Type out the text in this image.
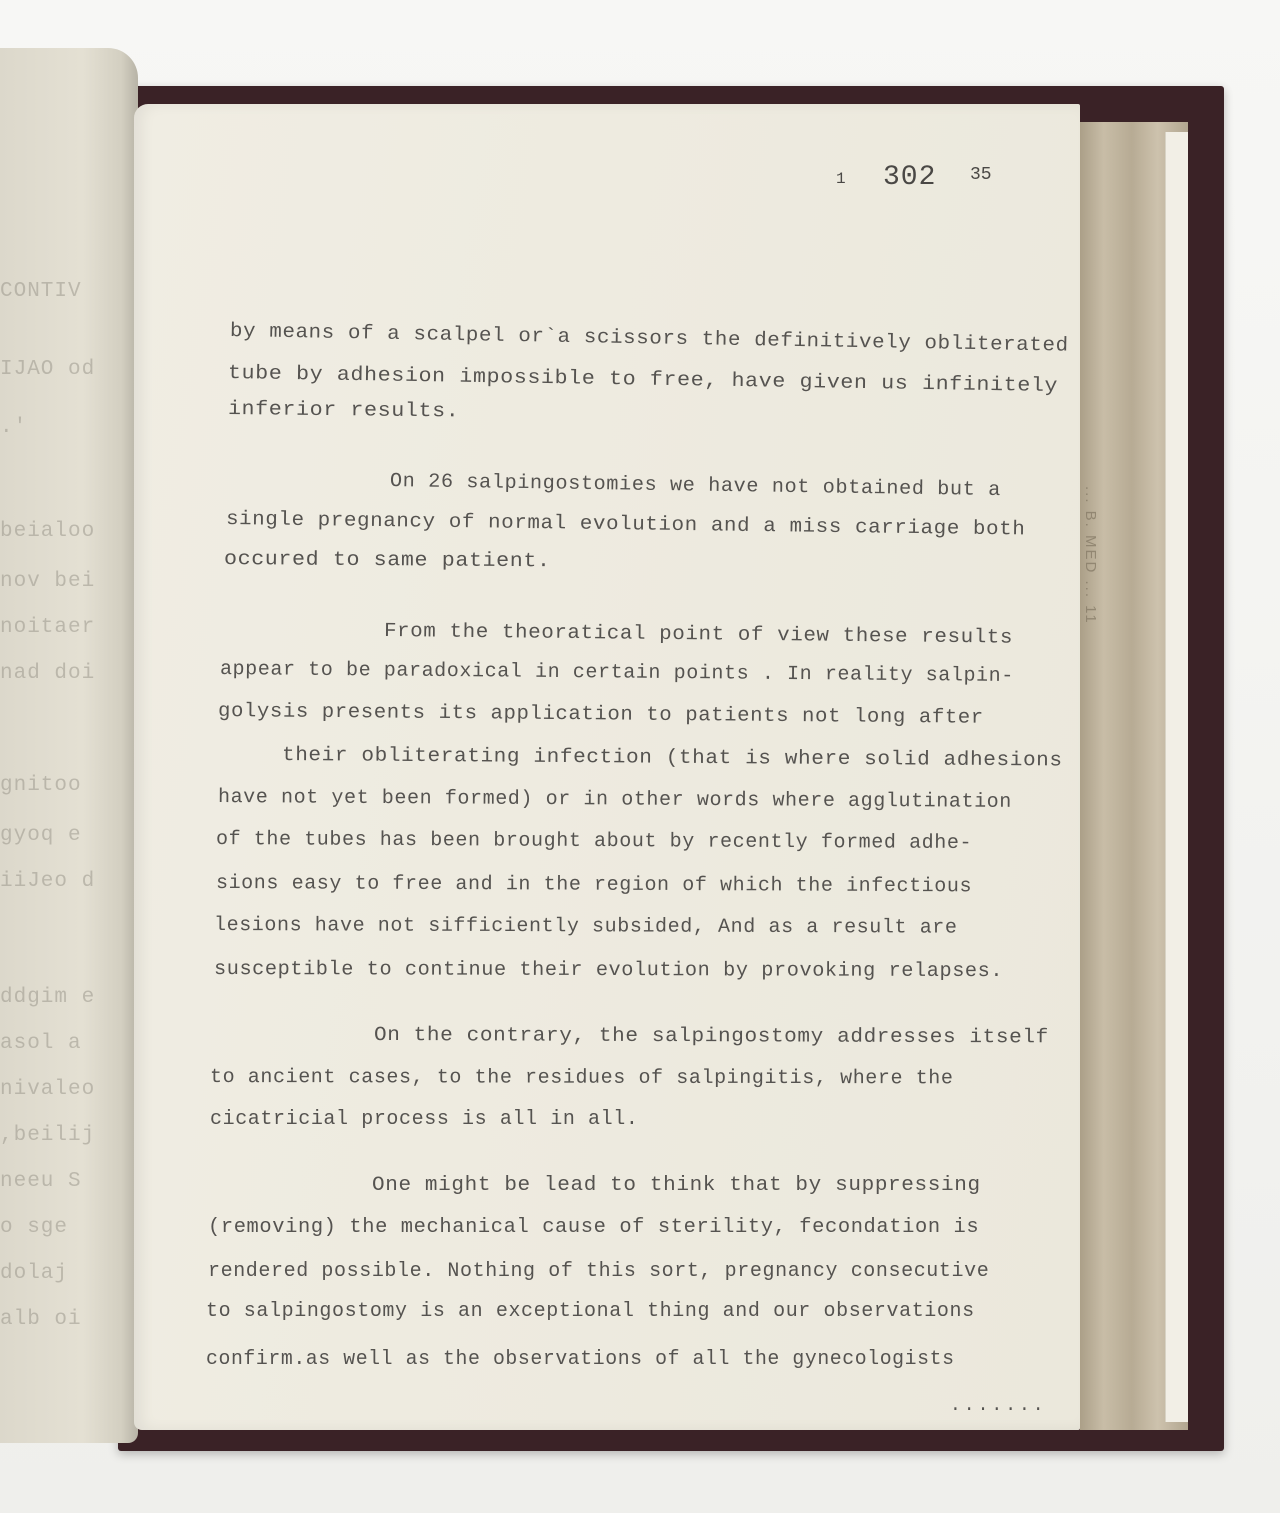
CONTIV
IJAO od
.'
beialoo
nov bei
noitaer
nad doi
gnitoo
gyoq e
iiJeo d
ddgim e
asol a
nivaleo
,beilij
neeu S
o sge
dolaj
alb oi
... B. MED ... 11
1 302 35
by means of a scalpel or`a scissors the definitively obliterated
tube by adhesion impossible to free, have given us infinitely
inferior results.
On 26 salpingostomies we have not obtained but a
single pregnancy of normal evolution and a miss carriage both
occured to same patient.
From the theoratical point of view these results
appear to be paradoxical in certain points . In reality salpin-
golysis presents its application to patients not long after
their obliterating infection (that is where solid adhesions
have not yet been formed) or in other words where agglutination
of the tubes has been brought about by recently formed adhe-
sions easy to free and in the region of which the infectious
lesions have not sifficiently subsided, And as a result are
susceptible to continue their evolution by provoking relapses.
On the contrary, the salpingostomy addresses itself
to ancient cases, to the residues of salpingitis, where the
cicatricial process is all in all.
One might be lead to think that by suppressing
(removing) the mechanical cause of sterility, fecondation is
rendered possible. Nothing of this sort, pregnancy consecutive
to salpingostomy is an exceptional thing and our observations
confirm.as well as the observations of all the gynecologists
.......
